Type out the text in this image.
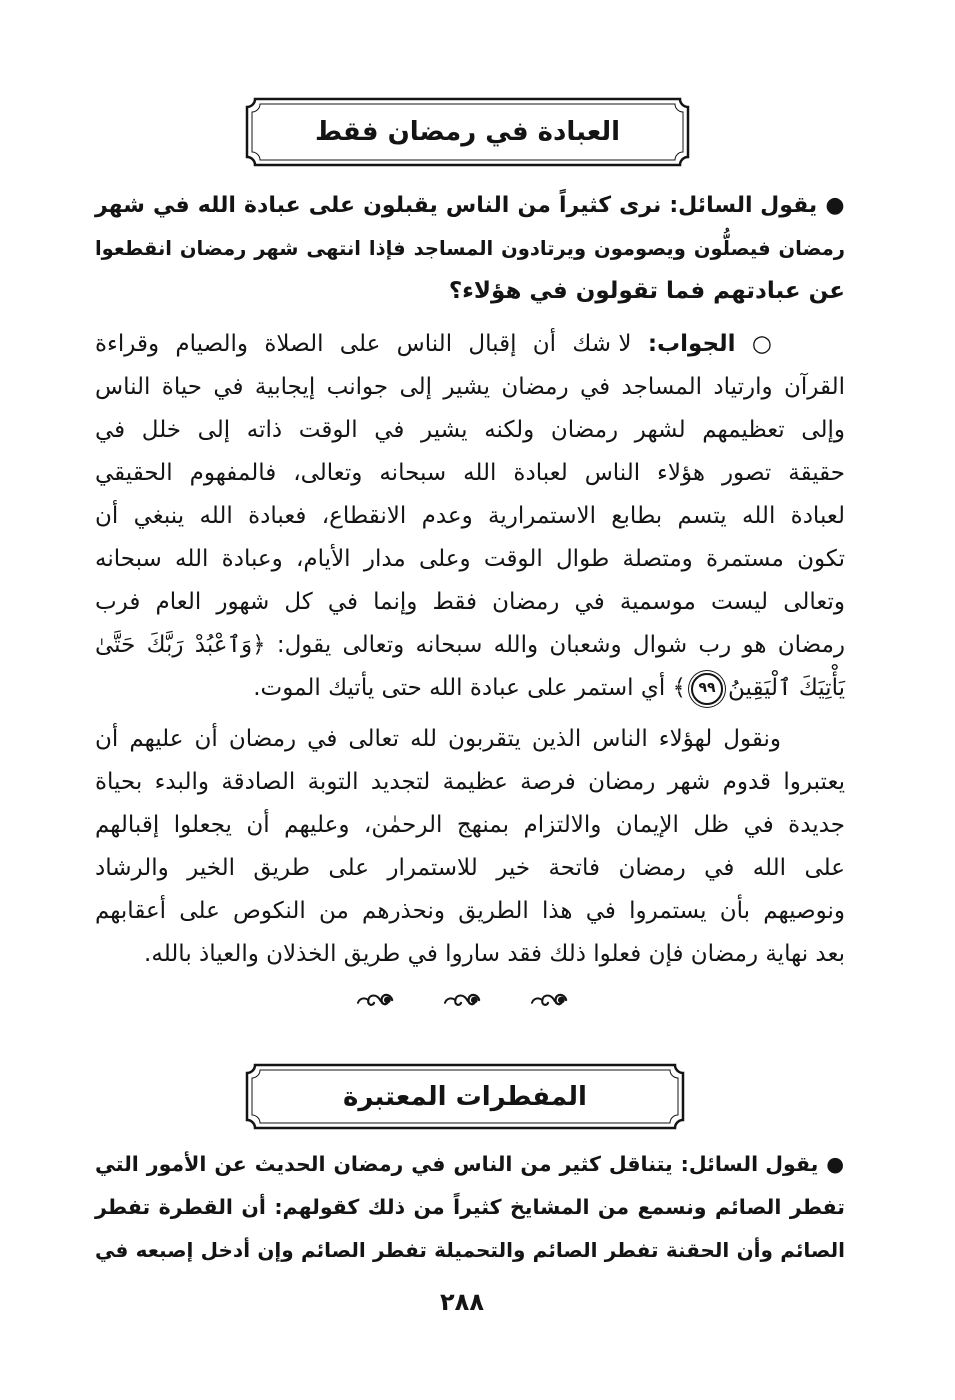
العبادة في رمضان فقط
● يقول السائل: نرى كثيراً من الناس يقبلون على عبادة الله في شهر
رمضان فيصلُّون ويصومون ويرتادون المساجد فإذا انتهى شهر رمضان انقطعوا
عن عبادتهم فما تقولون في هؤلاء؟
○ الجواب: لا شك أن إقبال الناس على الصلاة والصيام وقراءة
القرآن وارتياد المساجد في رمضان يشير إلى جوانب إيجابية في حياة الناس
وإلى تعظيمهم لشهر رمضان ولكنه يشير في الوقت ذاته إلى خلل في
حقيقة تصور هؤلاء الناس لعبادة الله سبحانه وتعالى، فالمفهوم الحقيقي
لعبادة الله يتسم بطابع الاستمرارية وعدم الانقطاع، فعبادة الله ينبغي أن
تكون مستمرة ومتصلة طوال الوقت وعلى مدار الأيام، وعبادة الله سبحانه
وتعالى ليست موسمية في رمضان فقط وإنما في كل شهور العام فرب
رمضان هو رب شوال وشعبان والله سبحانه وتعالى يقول: ﴿وَٱعْبُدْ رَبَّكَ حَتَّىٰ
يَأْتِيَكَ ٱلْيَقِينُ٩٩﴾ أي استمر على عبادة الله حتى يأتيك الموت.
ونقول لهؤلاء الناس الذين يتقربون لله تعالى في رمضان أن عليهم أن
يعتبروا قدوم شهر رمضان فرصة عظيمة لتجديد التوبة الصادقة والبدء بحياة
جديدة في ظل الإيمان والالتزام بمنهج الرحمٰن، وعليهم أن يجعلوا إقبالهم
على الله في رمضان فاتحة خير للاستمرار على طريق الخير والرشاد
ونوصيهم بأن يستمروا في هذا الطريق ونحذرهم من النكوص على أعقابهم
بعد نهاية رمضان فإن فعلوا ذلك فقد ساروا في طريق الخذلان والعياذ بالله.
المفطرات المعتبرة
● يقول السائل: يتناقل كثير من الناس في رمضان الحديث عن الأمور التي
تفطر الصائم ونسمع من المشايخ كثيراً من ذلك كقولهم: أن القطرة تفطر
الصائم وأن الحقنة تفطر الصائم والتحميلة تفطر الصائم وإن أدخل إصبعه في
٢٨٨
